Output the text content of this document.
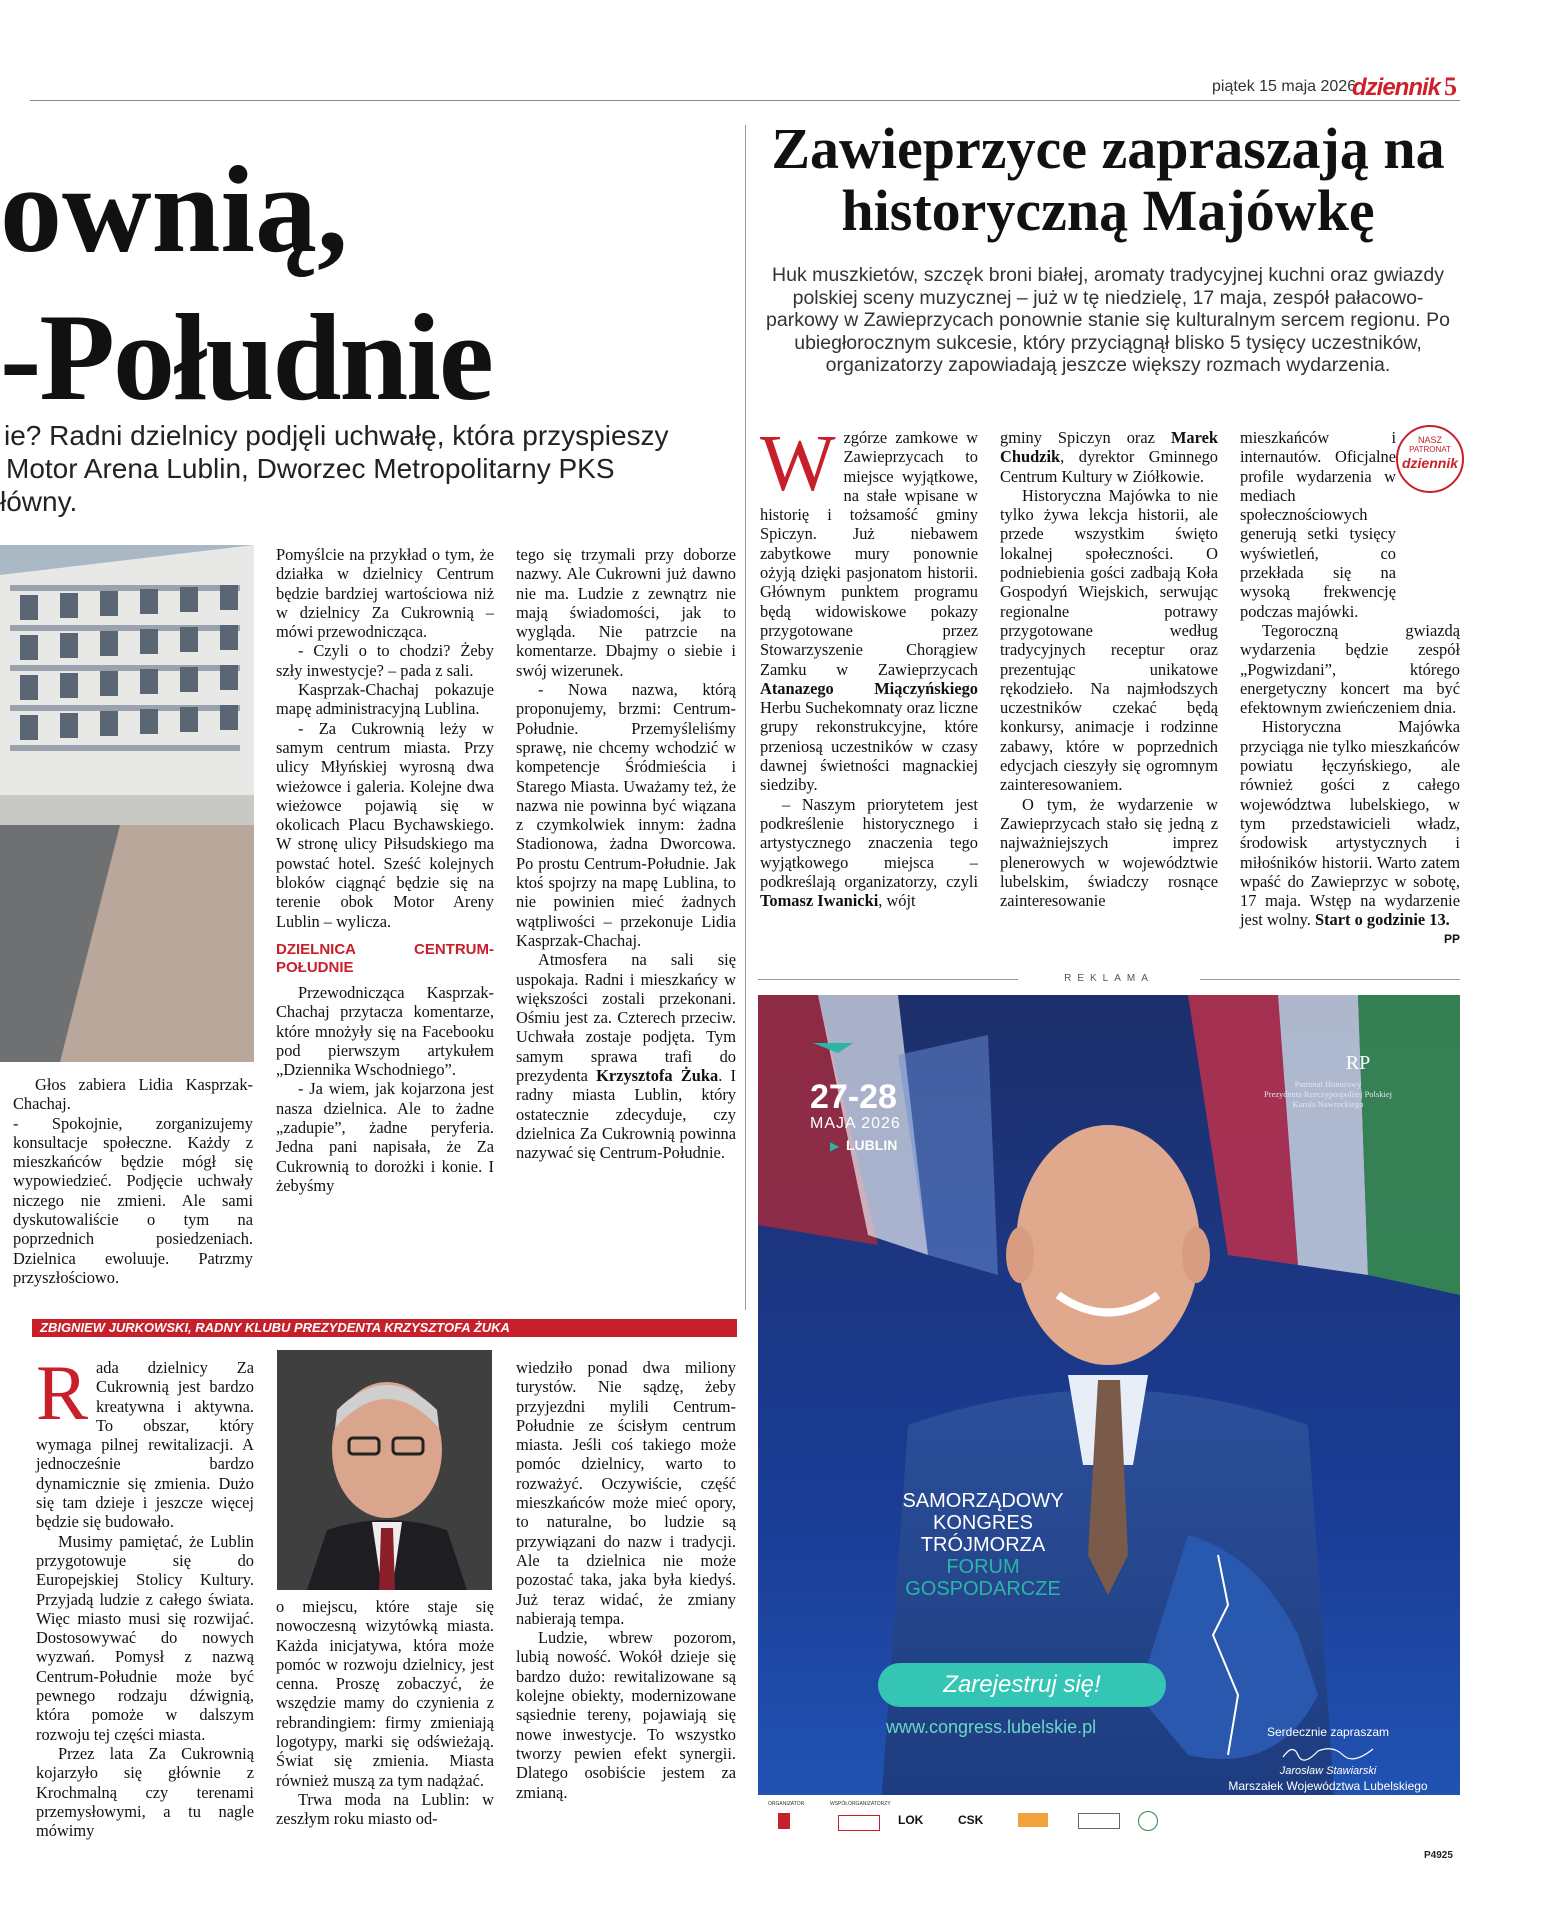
piątek 15 maja 2026
dziennik 5
ownią,
-Południe
ie? Radni dzielnicy podjęli uchwałę, która przyspieszy
Motor Arena Lublin, Dworzec Metropolitarny PKS
łówny.

Głos zabiera Lidia Kasprzak-Chachaj.

- Spokojnie, zorganizujemy konsultacje społeczne. Każdy z mieszkańców będzie mógł się wypowiedzieć. Podjęcie uchwały niczego nie zmieni. Ale sami dyskutowaliście o tym na poprzednich posiedzeniach. Dzielnica ewoluuje. Patrzmy przyszłościowo.

Pomyślcie na przykład o tym, że działka w dzielnicy Centrum będzie bardziej wartościowa niż w dzielnicy Za Cukrownią – mówi przewodnicząca.

- Czyli o to chodzi? Żeby szły inwestycje? – pada z sali.

Kasprzak-Chachaj pokazuje mapę administracyjną Lublina.

- Za Cukrownią leży w samym centrum miasta. Przy ulicy Młyńskiej wyrosną dwa wieżowce i galeria. Kolejne dwa wieżowce pojawią się w okolicach Placu Bychawskiego. W stronę ulicy Piłsudskiego ma powstać hotel. Sześć kolejnych bloków ciągnąć będzie się na terenie obok Motor Areny Lublin – wylicza.

DZIELNICA CENTRUM-POŁUDNIE

Przewodnicząca Kasprzak-Chachaj przytacza komentarze, które mnożyły się na Facebooku pod pierwszym artykułem „Dziennika Wschodniego”.

- Ja wiem, jak kojarzona jest nasza dzielnica. Ale to żadne „zadupie”, żadne peryferia. Jedna pani napisała, że Za Cukrownią to dorożki i konie. I żebyśmy

tego się trzymali przy doborze nazwy. Ale Cukrowni już dawno nie ma. Ludzie z zewnątrz nie mają świadomości, jak to wygląda. Nie patrzcie na komentarze. Dbajmy o siebie i swój wizerunek.

- Nowa nazwa, którą proponujemy, brzmi: Centrum-Południe. Przemyśleliśmy sprawę, nie chcemy wchodzić w kompetencje Śródmieścia i Starego Miasta. Uważamy też, że nazwa nie powinna być wiązana z czymkolwiek innym: żadna Stadionowa, żadna Dworcowa. Po prostu Centrum-Południe. Jak ktoś spojrzy na mapę Lublina, to nie powinien mieć żadnych wątpliwości – przekonuje Lidia Kasprzak-Chachaj.

Atmosfera na sali się uspokaja. Radni i mieszkańcy w większości zostali przekonani. Ośmiu jest za. Czterech przeciw. Uchwała zostaje podjęta. Tym samym sprawa trafi do prezydenta Krzysztofa Żuka. I radny miasta Lublin, który ostatecznie zdecyduje, czy dzielnica Za Cukrownią powinna nazywać się Centrum-Południe.

ZBIGNIEW JURKOWSKI, RADNY KLUBU PREZYDENTA KRZYSZTOFA ŻUKA

Rada dzielnicy Za Cukrownią jest bardzo kreatywna i aktywna. To obszar, który wymaga pilnej rewitalizacji. A jednocześnie bardzo dynamicznie się zmienia. Dużo się tam dzieje i jeszcze więcej będzie się budowało.

Musimy pamiętać, że Lublin przygotowuje się do Europejskiej Stolicy Kultury. Przyjadą ludzie z całego świata. Więc miasto musi się rozwijać. Dostosowywać do nowych wyzwań. Pomysł z nazwą Centrum-Południe może być pewnego rodzaju dźwignią, która pomoże w dalszym rozwoju tej części miasta.

Przez lata Za Cukrownią kojarzyło się głównie z Krochmalną czy terenami przemysłowymi, a tu nagle mówimy

o miejscu, które staje się nowoczesną wizytówką miasta. Każda inicjatywa, która może pomóc w rozwoju dzielnicy, jest cenna. Proszę zobaczyć, że wszędzie mamy do czynienia z rebrandingiem: firmy zmieniają logotypy, marki się odświeżają. Świat się zmienia. Miasta również muszą za tym nadążać.

Trwa moda na Lublin: w zeszłym roku miasto od-

wiedziło ponad dwa miliony turystów. Nie sądzę, żeby przyjezdni mylili Centrum-Południe ze ścisłym centrum miasta. Jeśli coś takiego może pomóc dzielnicy, warto to rozważyć. Oczywiście, część mieszkańców może mieć opory, to naturalne, bo ludzie są przywiązani do nazw i tradycji. Ale ta dzielnica nie może pozostać taka, jaka była kiedyś. Już teraz widać, że zmiany nabierają tempa.

Ludzie, wbrew pozorom, lubią nowość. Wokół dzieje się bardzo dużo: rewitalizowane są kolejne obiekty, modernizowane sąsiednie tereny, pojawiają się nowe inwestycje. To wszystko tworzy pewien efekt synergii. Dlatego osobiście jestem za zmianą.

Zawieprzyce zapraszają na historyczną Majówkę
Huk muszkietów, szczęk broni białej, aromaty tradycyjnej kuchni oraz gwiazdy polskiej sceny muzycznej – już w tę niedzielę, 17 maja, zespół pałacowo-parkowy w Zawieprzycach ponownie stanie się kulturalnym sercem regionu. Po ubiegłorocznym sukcesie, który przyciągnął blisko 5 tysięcy uczestników, organizatorzy zapowiadają jeszcze większy rozmach wydarzenia.

Wzgórze zamkowe w Zawieprzycach to miejsce wyjątkowe, na stałe wpisane w historię i tożsamość gminy Spiczyn. Już niebawem zabytkowe mury ponownie ożyją dzięki pasjonatom historii. Głównym punktem programu będą widowiskowe pokazy przygotowane przez Stowarzyszenie Chorągiew Zamku w Zawieprzycach Atanazego Miączyńskiego Herbu Suchekomnaty oraz liczne grupy rekonstrukcyjne, które przeniosą uczestników w czasy dawnej świetności magnackiej siedziby.

– Naszym priorytetem jest podkreślenie historycznego i artystycznego znaczenia tego wyjątkowego miejsca – podkreślają organizatorzy, czyli Tomasz Iwanicki, wójt

gminy Spiczyn oraz Marek Chudzik, dyrektor Gminnego Centrum Kultury w Ziółkowie.

Historyczna Majówka to nie tylko żywa lekcja historii, ale przede wszystkim święto lokalnej społeczności. O podniebienia gości zadbają Koła Gospodyń Wiejskich, serwując regionalne potrawy przygotowane według tradycyjnych receptur oraz prezentując unikatowe rękodzieło. Na najmłodszych uczestników czekać będą konkursy, animacje i rodzinne zabawy, które w poprzednich edycjach cieszyły się ogromnym zainteresowaniem.

O tym, że wydarzenie w Zawieprzycach stało się jedną z najważniejszych imprez plenerowych w województwie lubelskim, świadczy rosnące zainteresowanie

NASZ
PATRONAT
dziennik

mieszkańców i internautów. Oficjalne profile wydarzenia w mediach społecznościowych generują setki tysięcy wyświetleń, co przekłada się na wysoką frekwencję podczas majówki.

Tegoroczną gwiazdą wydarzenia będzie zespół „Pogwizdani”, którego energetyczny koncert ma być efektownym zwieńczeniem dnia.

Historyczna Majówka przyciąga nie tylko mieszkańców powiatu łęczyńskiego, ale również gości z całego województwa lubelskiego, w tym przedstawicieli władz, środowisk artystycznych i miłośników historii. Warto zatem wpaść do Zawieprzyc w sobotę, 17 maja. Wstęp na wydarzenie jest wolny. Start o godzinie 13.
PP

REKLAMA
27-28
MAJA 2026
LUBLIN
▶
RP
Patronat Honorowy
Prezydenta Rzeczypospolitej Polskiej
Karola Nawrockiego
SAMORZĄDOWY
KONGRES
TRÓJMORZA
FORUM
GOSPODARCZE
Zarejestruj się!
www.congress.lubelskie.pl	Serdecznie zapraszam
Jarosław Stawiarski
Marszałek Województwa Lubelskiego
ORGANIZATOR	WSPÓŁORGANIZATORZY
LOK	CSK
P4925
